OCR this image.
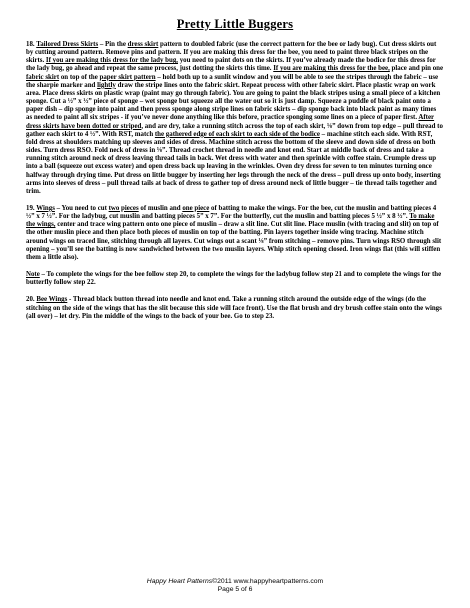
Pretty Little Buggers

18. Tailored Dress Skirts – Pin the dress skirt pattern to doubled fabric (use the correct pattern for the bee or lady bug). Cut dress skirts out by cutting around pattern. Remove pins and pattern. If you are making this dress for the bee, you need to paint three black stripes on the skirts. If you are making this dress for the lady bug, you need to paint dots on the skirts. If you’ve already made the bodice for this dress for the lady bug, go ahead and repeat the same process, just dotting the skirts this time. If you are making this dress for the bee, place and pin one fabric skirt on top of the paper skirt pattern – hold both up to a sunlit window and you will be able to see the stripes through the fabric – use the sharpie marker and lightly draw the stripe lines onto the fabric skirt. Repeat process with other fabric skirt. Place plastic wrap on work area. Place dress skirts on plastic wrap (paint may go through fabric). You are going to paint the black stripes using a small piece of a kitchen sponge. Cut a ½” x ½” piece of sponge – wet sponge but squeeze all the water out so it is just damp. Squeeze a puddle of black paint onto a paper dish – dip sponge into paint and then press sponge along stripe lines on fabric skirts – dip sponge back into black paint as many times as needed to paint all six stripes - if you’ve never done anything like this before, practice sponging some lines on a piece of paper first. After dress skirts have been dotted or striped, and are dry, take a running stitch across the top of each skirt, ⅛” down from top edge – pull thread to gather each skirt to 4 ½”. With RST, match the gathered edge of each skirt to each side of the bodice – machine stitch each side. With RST, fold dress at shoulders matching up sleeves and sides of dress. Machine stitch across the bottom of the sleeve and down side of dress on both sides. Turn dress RSO. Fold neck of dress in ⅛”. Thread crochet thread in needle and knot end. Start at middle back of dress and take a running stitch around neck of dress leaving thread tails in back. Wet dress with water and then sprinkle with coffee stain. Crumple dress up into a ball (squeeze out excess water) and open dress back up leaving in the wrinkles. Oven dry dress for seven to ten minutes turning once halfway through drying time. Put dress on little bugger by inserting her legs through the neck of the dress – pull dress up onto body, inserting arms into sleeves of dress – pull thread tails at back of dress to gather top of dress around neck of little bugger – tie thread tails together and trim.

19. Wings – You need to cut two pieces of muslin and one piece of batting to make the wings. For the bee, cut the muslin and batting pieces 4 ½” x 7 ½”. For the ladybug, cut muslin and batting pieces 5” x 7”. For the butterfly, cut the muslin and batting pieces 5 ½” x 8 ½”. To make the wings, center and trace wing pattern onto one piece of muslin – draw a slit line. Cut slit line. Place muslin (with tracing and slit) on top of the other muslin piece and then place both pieces of muslin on top of the batting. Pin layers together inside wing tracing. Machine stitch around wings on traced line, stitching through all layers. Cut wings out a scant ⅛” from stitching – remove pins. Turn wings RSO through slit opening – you’ll see the batting is now sandwiched between the two muslin layers. Whip stitch opening closed. Iron wings flat (this will stiffen them a little also).

Note – To complete the wings for the bee follow step 20, to complete the wings for the ladybug follow step 21 and to complete the wings for the butterfly follow step 22.

20. Bee Wings - Thread black button thread into needle and knot end. Take a running stitch around the outside edge of the wings (do the stitching on the side of the wings that has the slit because this side will face front). Use the flat brush and dry brush coffee stain onto the wings (all over) – let dry. Pin the middle of the wings to the back of your bee. Go to step 23.

Happy Heart Patterns©2011 www.happyheartpatterns.com
Page 5 of 6
